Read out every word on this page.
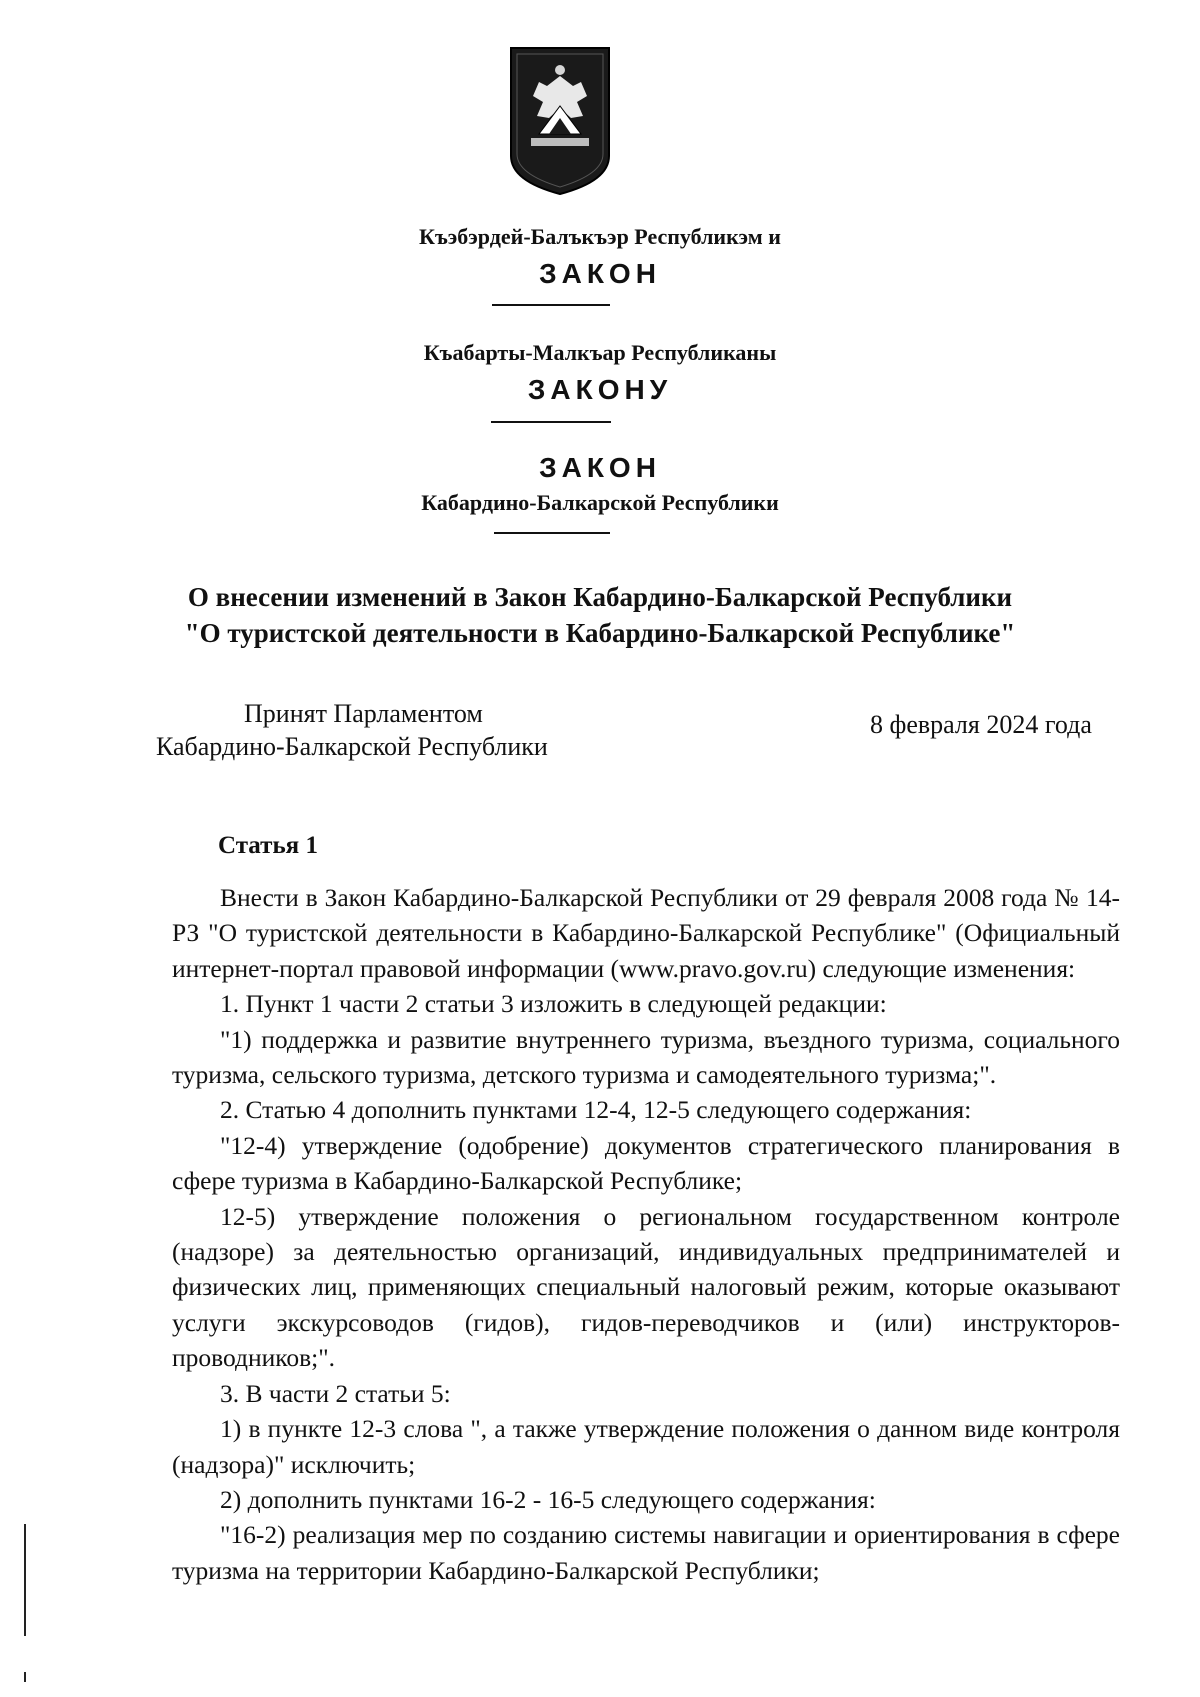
Къэбэрдей-Балъкъэр Республикэм и
ЗАКОН
Къабарты-Малкъар Республиканы
ЗАКОНУ
ЗАКОН
Кабардино-Балкарской Республики
О внесении изменений в Закон Кабардино-Балкарской Республики
"О туристской деятельности в Кабардино-Балкарской Республике"
Принят Парламентом
Кабардино-Балкарской Республики
8 февраля 2024 года
Статья 1

Внести в Закон Кабардино-Балкарской Республики от 29 февраля 2008 года № 14-РЗ "О туристской деятельности в Кабардино-Балкарской Республике" (Официальный интернет-портал правовой информации (www.pravo.gov.ru) следующие изменения:

1. Пункт 1 части 2 статьи 3 изложить в следующей редакции:

"1) поддержка и развитие внутреннего туризма, въездного туризма, социального туризма, сельского туризма, детского туризма и самодеятельного туризма;".

2. Статью 4 дополнить пунктами 12-4, 12-5 следующего содержания:

"12-4) утверждение (одобрение) документов стратегического планирования в сфере туризма в Кабардино-Балкарской Республике;

12-5) утверждение положения о региональном государственном контроле (надзоре) за деятельностью организаций, индивидуальных предпринимателей и физических лиц, применяющих специальный налоговый режим, которые оказывают услуги экскурсоводов (гидов), гидов-переводчиков и (или) инструкторов-проводников;".

3. В части 2 статьи 5:

1) в пункте 12-3 слова ", а также утверждение положения о данном виде контроля (надзора)" исключить;

2) дополнить пунктами 16-2 - 16-5 следующего содержания:

"16-2) реализация мер по созданию системы навигации и ориентирования в сфере туризма на территории Кабардино-Балкарской Республики;
